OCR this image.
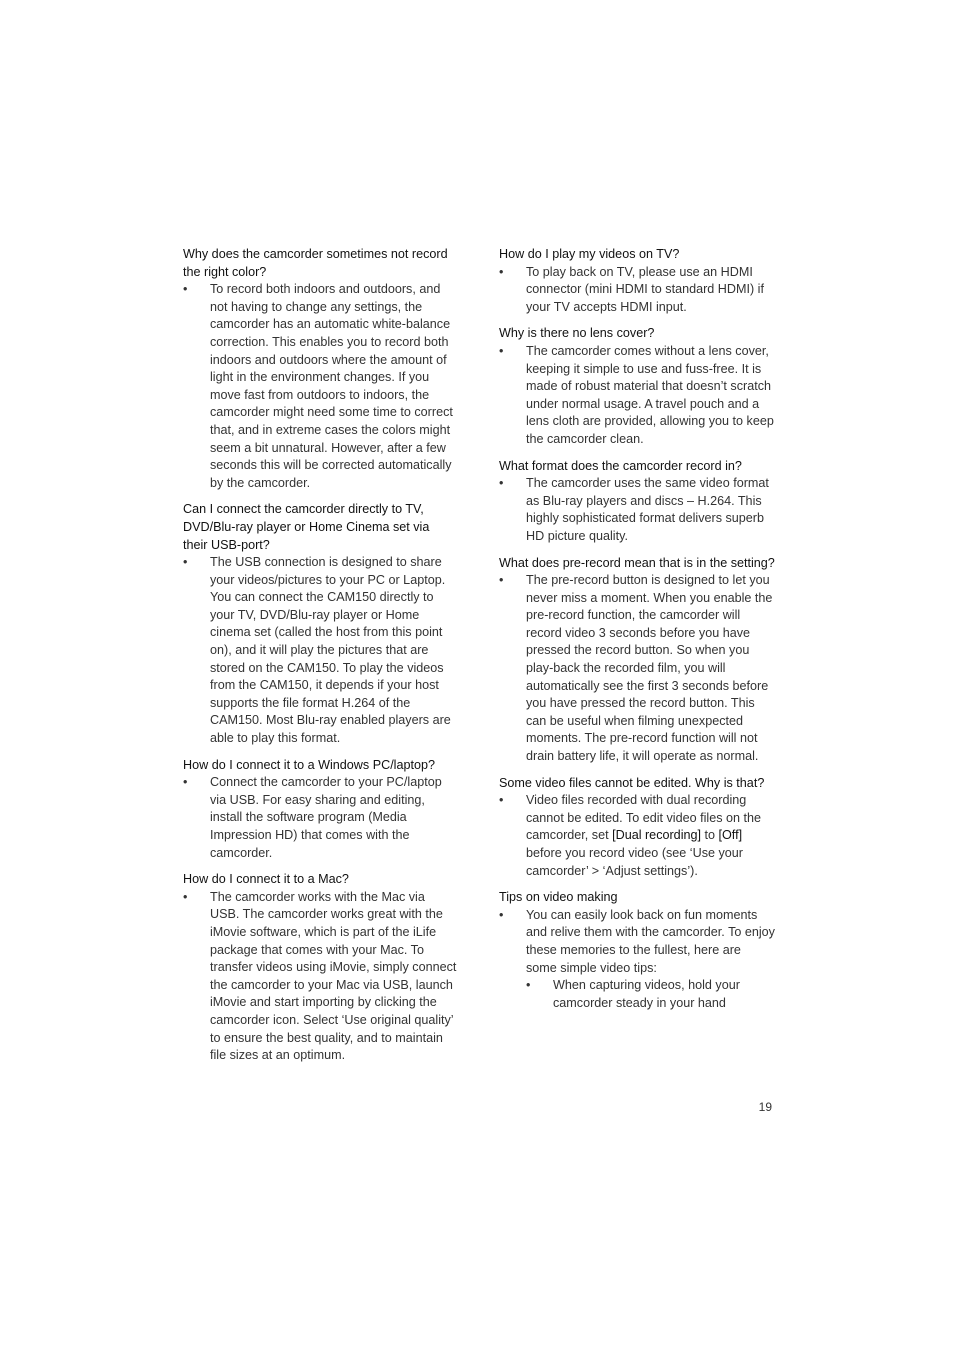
Why does the camcorder sometimes not record the right color?

• To record both indoors and outdoors, and not having to change any settings, the camcorder has an automatic white-balance correction. This enables you to record both indoors and outdoors where the amount of light in the environment changes. If you move fast from outdoors to indoors, the camcorder might need some time to correct that, and in extreme cases the colors might seem a bit unnatural. However, after a few seconds this will be corrected automatically by the camcorder.

Can I connect the camcorder directly to TV, DVD/Blu-ray player or Home Cinema set via their USB-port?

• The USB connection is designed to share your videos/pictures to your PC or Laptop. You can connect the CAM150 directly to your TV, DVD/Blu-ray player or Home cinema set (called the host from this point on), and it will play the pictures that are stored on the CAM150. To play the videos from the CAM150, it depends if your host supports the file format H.264 of the CAM150. Most Blu-ray enabled players are able to play this format.

How do I connect it to a Windows PC/laptop?

• Connect the camcorder to your PC/laptop via USB. For easy sharing and editing, install the software program (Media Impression HD) that comes with the camcorder.

How do I connect it to a Mac?

• The camcorder works with the Mac via USB. The camcorder works great with the iMovie software, which is part of the iLife package that comes with your Mac. To transfer videos using iMovie, simply connect the camcorder to your Mac via USB, launch iMovie and start importing by clicking the camcorder icon. Select ‘Use original quality’ to ensure the best quality, and to maintain file sizes at an optimum.

How do I play my videos on TV?

• To play back on TV, please use an HDMI connector (mini HDMI to standard HDMI) if your TV accepts HDMI input.

Why is there no lens cover?

• The camcorder comes without a lens cover, keeping it simple to use and fuss-free. It is made of robust material that doesn’t scratch under normal usage. A travel pouch and a lens cloth are provided, allowing you to keep the camcorder clean.

What format does the camcorder record in?

• The camcorder uses the same video format as Blu-ray players and discs – H.264. This highly sophisticated format delivers superb HD picture quality.

What does pre-record mean that is in the setting?

• The pre-record button is designed to let you never miss a moment. When you enable the pre-record function, the camcorder will record video 3 seconds before you have pressed the record button. So when you play-back the recorded film, you will automatically see the first 3 seconds before you have pressed the record button. This can be useful when filming unexpected moments. The pre-record function will not drain battery life, it will operate as normal.

Some video files cannot be edited. Why is that?

• Video files recorded with dual recording cannot be edited. To edit video files on the camcorder, set [Dual recording] to [Off] before you record video (see ‘Use your camcorder’ > ‘Adjust settings’).

Tips on video making

• You can easily look back on fun moments and relive them with the camcorder. To enjoy these memories to the fullest, here are some simple video tips:

• When capturing videos, hold your camcorder steady in your hand

19
